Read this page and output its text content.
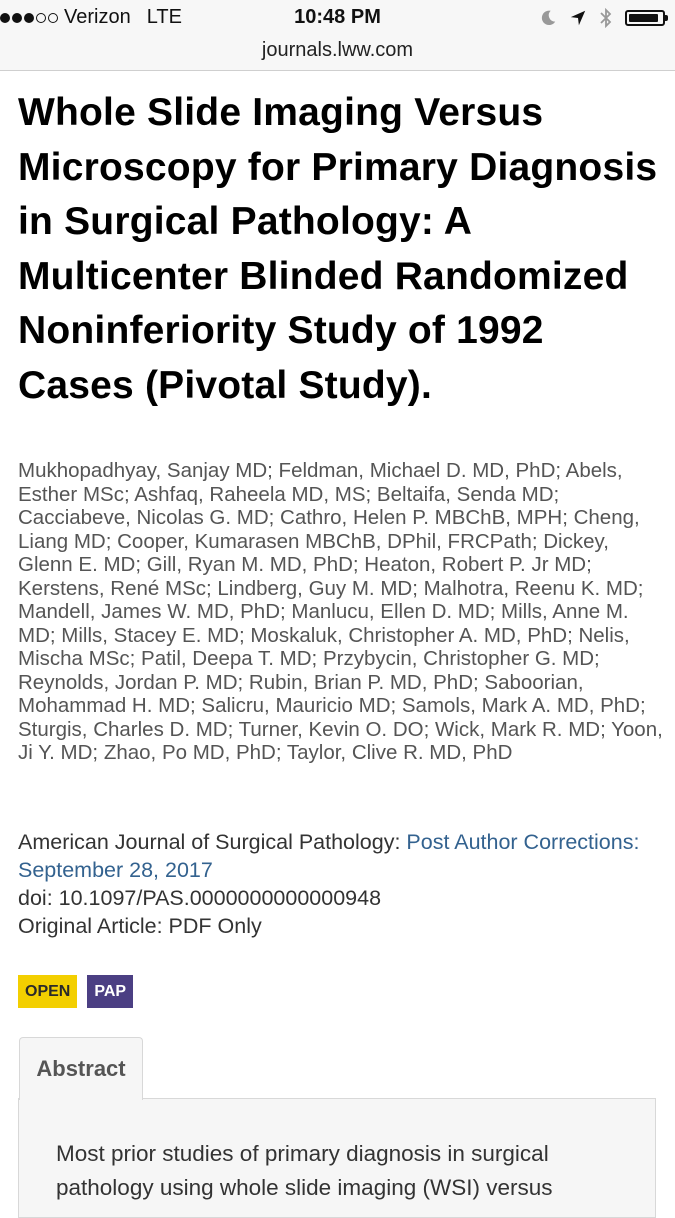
Verizon LTE	10:48 PM
journals.lww.com
Whole Slide Imaging Versus Microscopy for Primary Diagnosis in Surgical Pathology: A Multicenter Blinded Randomized Noninferiority Study of 1992 Cases (Pivotal Study).

Mukhopadhyay, Sanjay MD; Feldman, Michael D. MD, PhD; Abels, Esther MSc; Ashfaq, Raheela MD, MS; Beltaifa, Senda MD; Cacciabeve, Nicolas G. MD; Cathro, Helen P. MBChB, MPH; Cheng, Liang MD; Cooper, Kumarasen MBChB, DPhil, FRCPath; Dickey, Glenn E. MD; Gill, Ryan M. MD, PhD; Heaton, Robert P. Jr MD; Kerstens, René MSc; Lindberg, Guy M. MD; Malhotra, Reenu K. MD; Mandell, James W. MD, PhD; Manlucu, Ellen D. MD; Mills, Anne M. MD; Mills, Stacey E. MD; Moskaluk, Christopher A. MD, PhD; Nelis, Mischa MSc; Patil, Deepa T. MD; Przybycin, Christopher G. MD; Reynolds, Jordan P. MD; Rubin, Brian P. MD, PhD; Saboorian, Mohammad H. MD; Salicru, Mauricio MD; Samols, Mark A. MD, PhD; Sturgis, Charles D. MD; Turner, Kevin O. DO; Wick, Mark R. MD; Yoon, Ji Y. MD; Zhao, Po MD, PhD; Taylor, Clive R. MD, PhD

American Journal of Surgical Pathology: Post Author Corrections: September 28, 2017
doi: 10.1097/PAS.0000000000000948
Original Article: PDF Only
OPEN	PAP
Abstract

Most prior studies of primary diagnosis in surgical pathology using whole slide imaging (WSI) versus
